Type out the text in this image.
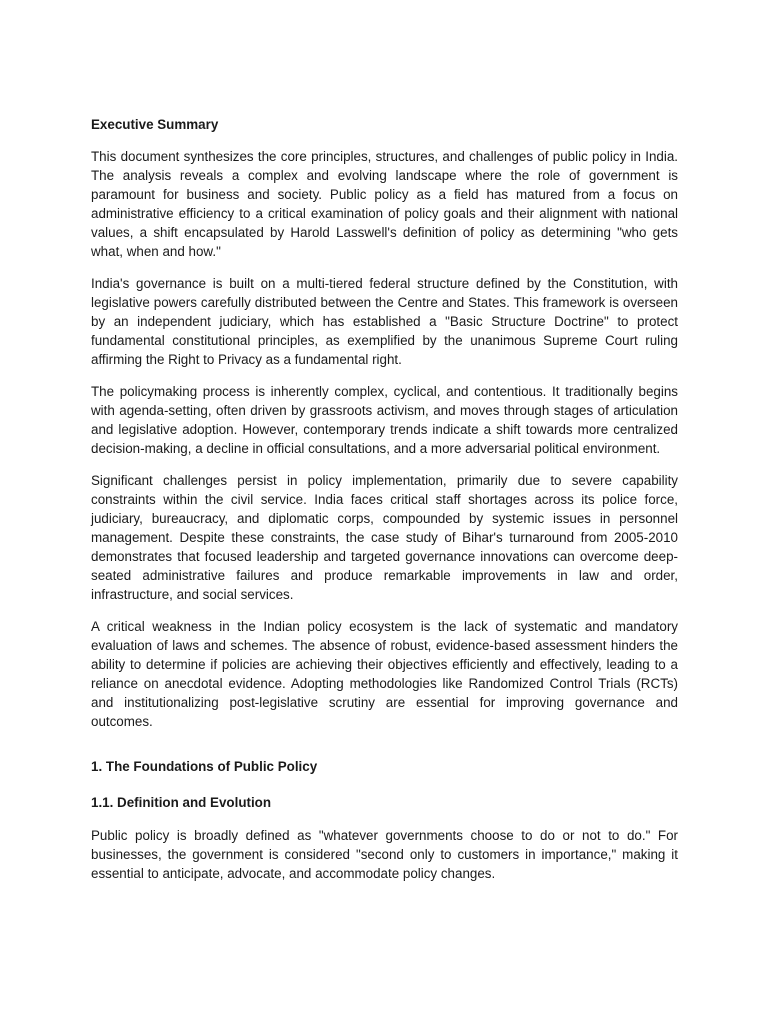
Executive Summary

This document synthesizes the core principles, structures, and challenges of public policy in India. The analysis reveals a complex and evolving landscape where the role of government is paramount for business and society. Public policy as a field has matured from a focus on administrative efficiency to a critical examination of policy goals and their alignment with national values, a shift encapsulated by Harold Lasswell's definition of policy as determining "who gets what, when and how."

India's governance is built on a multi-tiered federal structure defined by the Constitution, with legislative powers carefully distributed between the Centre and States. This framework is overseen by an independent judiciary, which has established a "Basic Structure Doctrine" to protect fundamental constitutional principles, as exemplified by the unanimous Supreme Court ruling affirming the Right to Privacy as a fundamental right.

The policymaking process is inherently complex, cyclical, and contentious. It traditionally begins with agenda-setting, often driven by grassroots activism, and moves through stages of articulation and legislative adoption. However, contemporary trends indicate a shift towards more centralized decision-making, a decline in official consultations, and a more adversarial political environment.

Significant challenges persist in policy implementation, primarily due to severe capability constraints within the civil service. India faces critical staff shortages across its police force, judiciary, bureaucracy, and diplomatic corps, compounded by systemic issues in personnel management. Despite these constraints, the case study of Bihar's turnaround from 2005-2010 demonstrates that focused leadership and targeted governance innovations can overcome deep-seated administrative failures and produce remarkable improvements in law and order, infrastructure, and social services.

A critical weakness in the Indian policy ecosystem is the lack of systematic and mandatory evaluation of laws and schemes. The absence of robust, evidence-based assessment hinders the ability to determine if policies are achieving their objectives efficiently and effectively, leading to a reliance on anecdotal evidence. Adopting methodologies like Randomized Control Trials (RCTs) and institutionalizing post-legislative scrutiny are essential for improving governance and outcomes.

1. The Foundations of Public Policy

1.1. Definition and Evolution

Public policy is broadly defined as "whatever governments choose to do or not to do." For businesses, the government is considered "second only to customers in importance," making it essential to anticipate, advocate, and accommodate policy changes.
